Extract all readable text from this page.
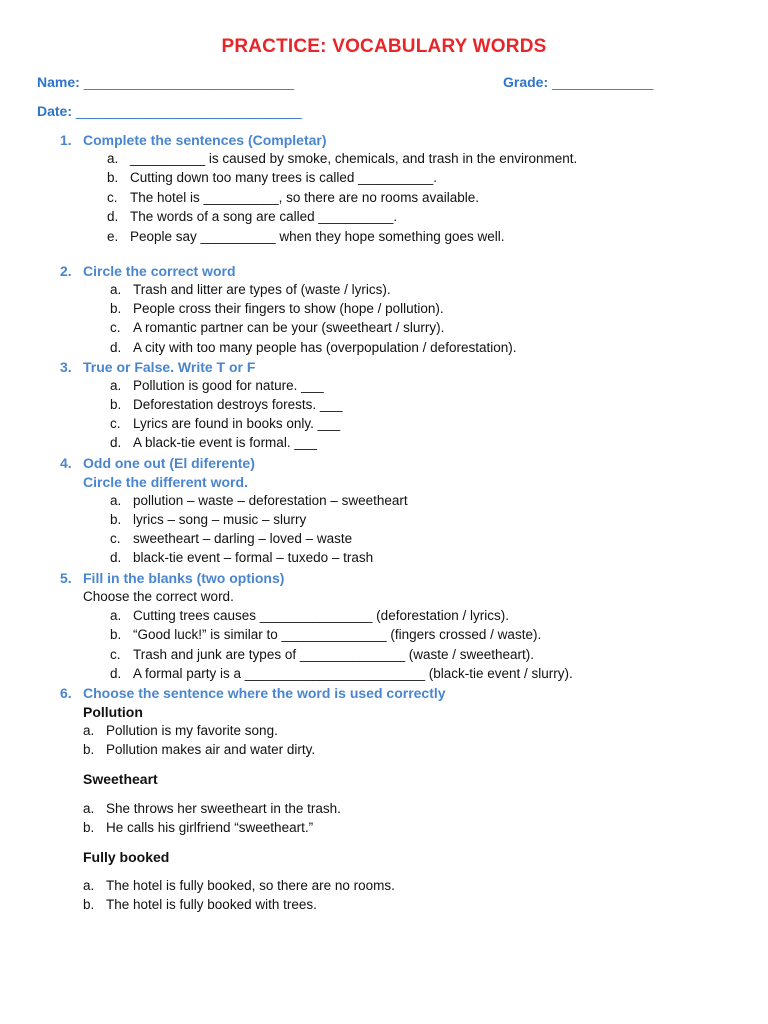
PRACTICE: VOCABULARY WORDS
Name: ___________________________	Grade: _____________
Date: _____________________________
1. Complete the sentences (Completar)
a. __________ is caused by smoke, chemicals, and trash in the environment.
b. Cutting down too many trees is called __________.
c. The hotel is __________, so there are no rooms available.
d. The words of a song are called __________.
e. People say __________ when they hope something goes well.
2. Circle the correct word
a. Trash and litter are types of (waste / lyrics).
b. People cross their fingers to show (hope / pollution).
c. A romantic partner can be your (sweetheart / slurry).
d. A city with too many people has (overpopulation / deforestation).
3. True or False. Write T or F
a. Pollution is good for nature. ___
b. Deforestation destroys forests. ___
c. Lyrics are found in books only. ___
d. A black-tie event is formal. ___
4. Odd one out (El diferente)
Circle the different word.
a. pollution – waste – deforestation – sweetheart
b. lyrics – song – music – slurry
c. sweetheart – darling – loved – waste
d. black-tie event – formal – tuxedo – trash
5. Fill in the blanks (two options)
Choose the correct word.
a. Cutting trees causes _______________ (deforestation / lyrics).
b. “Good luck!” is similar to ______________ (fingers crossed / waste).
c. Trash and junk are types of ______________ (waste / sweetheart).
d. A formal party is a ________________________ (black-tie event / slurry).
6. Choose the sentence where the word is used correctly
Pollution
a. Pollution is my favorite song.
b. Pollution makes air and water dirty.
Sweetheart
a. She throws her sweetheart in the trash.
b. He calls his girlfriend “sweetheart.”
Fully booked
a. The hotel is fully booked, so there are no rooms.
b. The hotel is fully booked with trees.
